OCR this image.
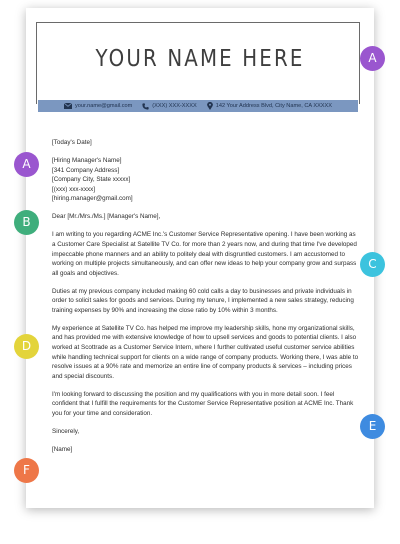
YOUR NAME HERE
your.name@gmail.com	(XXX) XXX-XXXX	142 Your Address Blvd, City Name, CA XXXXX

[Today's Date]

[Hiring Manager's Name]
[341 Company Address]
[Company City, State xxxxx]
[(xxx) xxx-xxxx]
[hiring.manager@gmail.com]

Dear [Mr./Mrs./Ms.] [Manager's Name],

I am writing to you regarding ACME Inc.'s Customer Service Representative opening. I have been working as a Customer Care Specialist at Satellite TV Co. for more than 2 years now, and during that time I've developed impeccable phone manners and an ability to politely deal with disgruntled customers. I am accustomed to working on multiple projects simultaneously, and can offer new ideas to help your company grow and surpass all goals and objectives.

Duties at my previous company included making 60 cold calls a day to businesses and private individuals in order to solicit sales for goods and services. During my tenure, I implemented a new sales strategy, reducing training expenses by 90% and increasing the close ratio by 10% within 3 months.

My experience at Satellite TV Co. has helped me improve my leadership skills, hone my organizational skills, and has provided me with extensive knowledge of how to upsell services and goods to potential clients. I also worked at Scottrade as a Customer Service Intern, where I further cultivated useful customer service abilities while handling technical support for clients on a wide range of company products. Working there, I was able to resolve issues at a 90% rate and memorize an entire line of company products & services – including prices and special discounts.

I'm looking forward to discussing the position and my qualifications with you in more detail soon. I feel confident that I fulfill the requirements for the Customer Service Representative position at ACME Inc. Thank you for your time and consideration.

Sincerely,

[Name]

A
A
B
C
D
E
F
